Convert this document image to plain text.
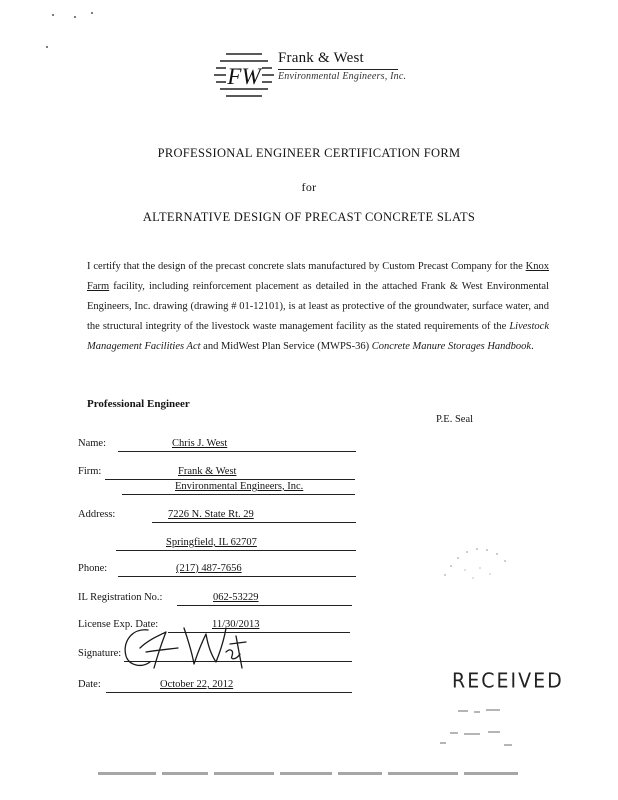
FW
Frank & West
Environmental Engineers, Inc.
PROFESSIONAL ENGINEER CERTIFICATION FORM
for
ALTERNATIVE DESIGN OF PRECAST CONCRETE SLATS
I certify that the design of the precast concrete slats manufactured by Custom Precast Company for the Knox Farm facility, including reinforcement placement as detailed in the attached Frank & West Environmental Engineers, Inc. drawing (drawing # 01-12101), is at least as protective of the groundwater, surface water, and the structural integrity of the livestock waste management facility as the stated requirements of the Livestock Management Facilities Act and MidWest Plan Service (MWPS-36) Concrete Manure Storages Handbook.
Professional Engineer
P.E. Seal
Name:	Chris J. West
Firm:	Frank & West
Environmental Engineers, Inc.
Address:	7226 N. State Rt. 29
Springfield, IL 62707
Phone:	(217) 487-7656
IL Registration No.:	062-53229
License Exp. Date:	11/30/2013
Signature:
Date:	October 22, 2012	RECEIVED
